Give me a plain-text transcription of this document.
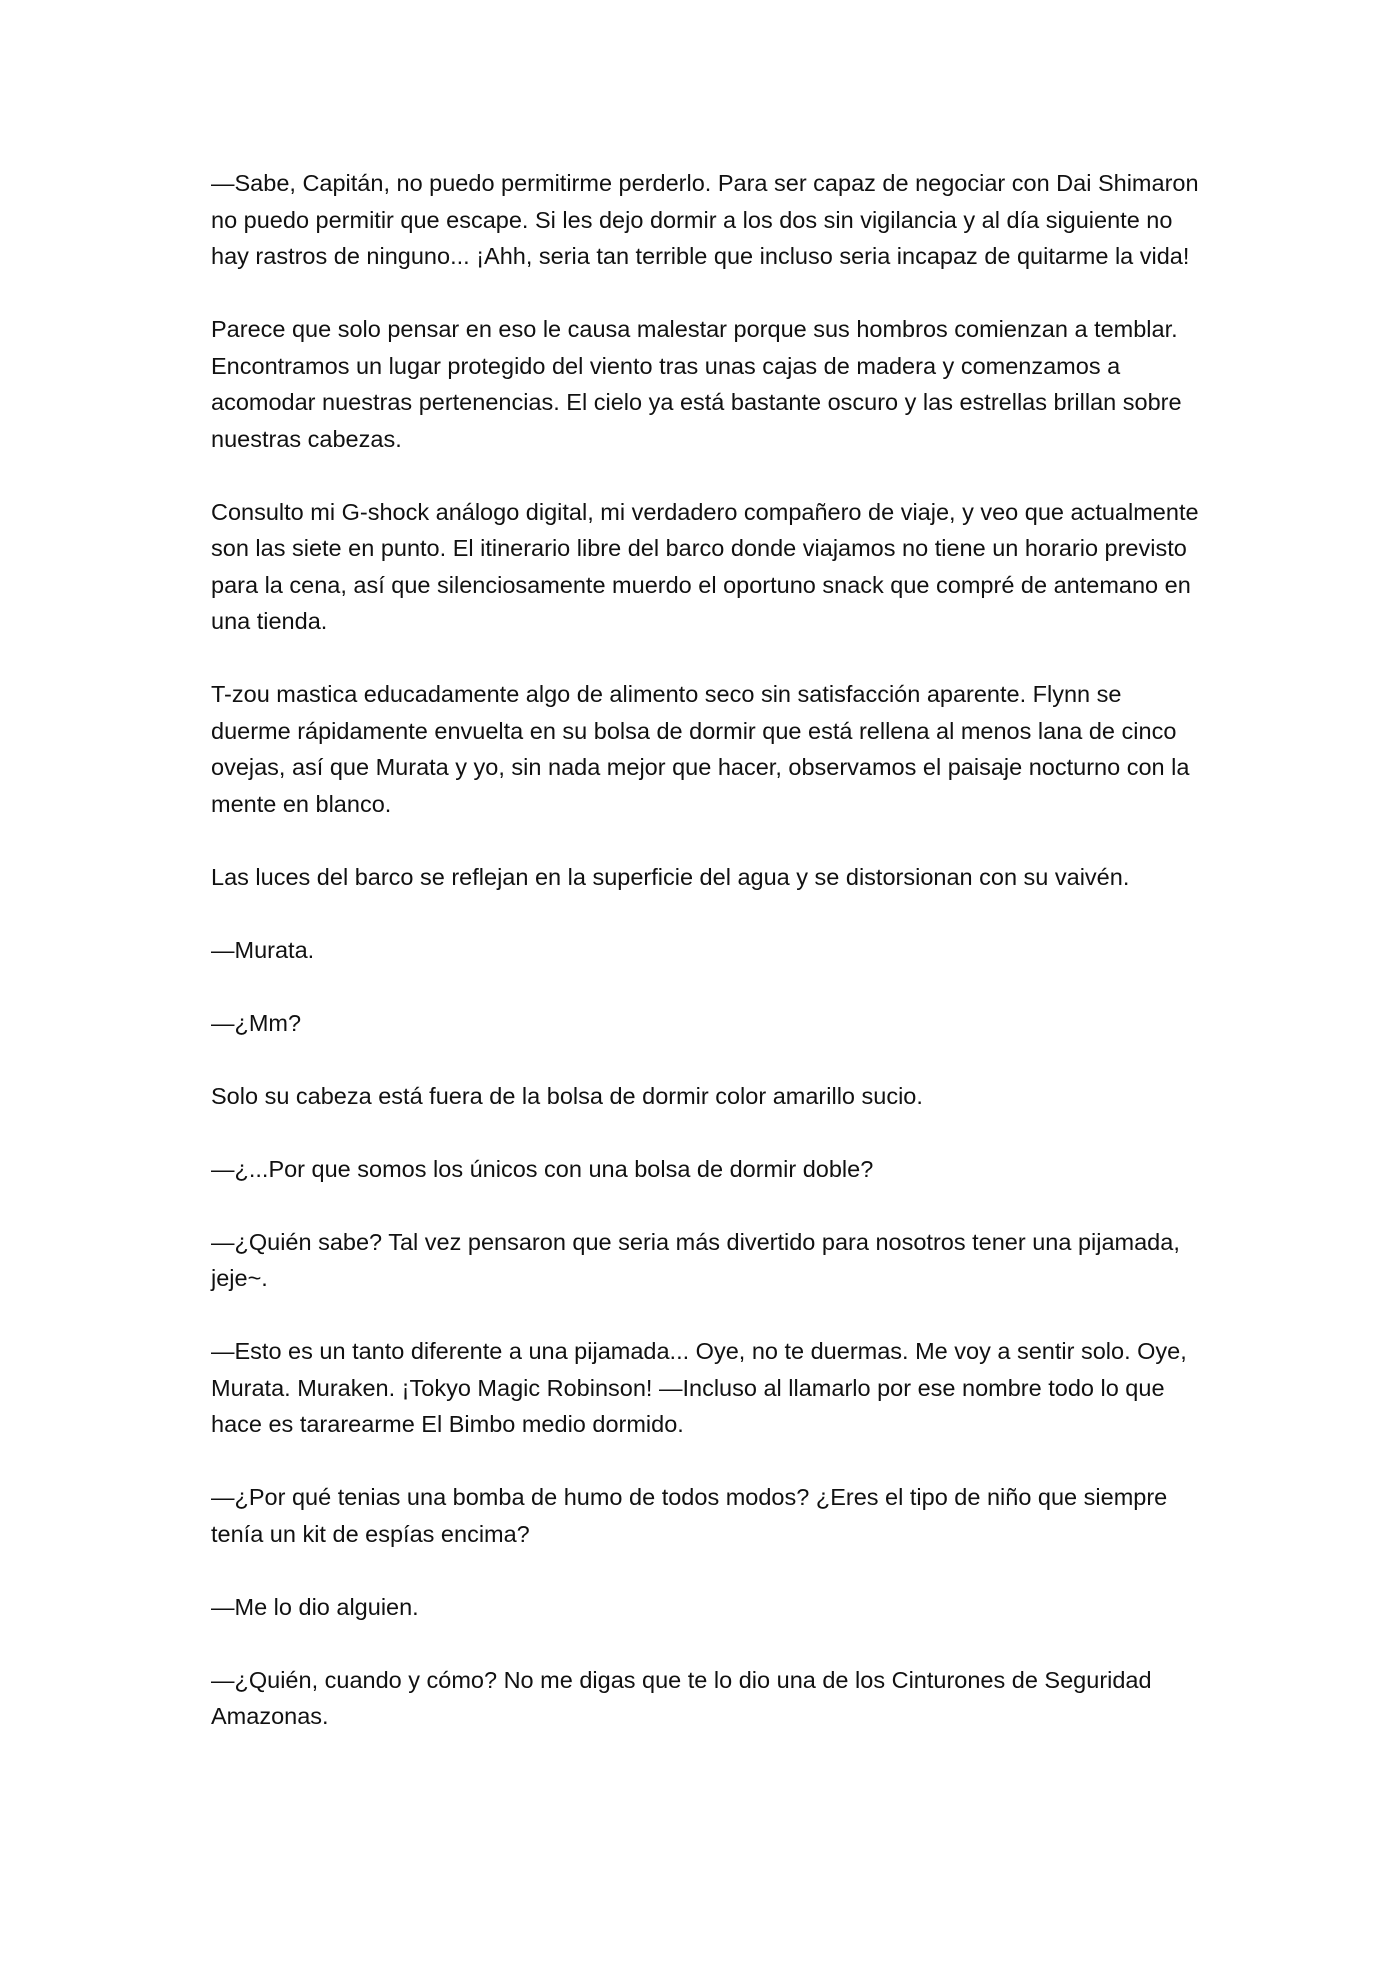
—Sabe, Capitán, no puedo permitirme perderlo. Para ser capaz de negociar con Dai Shimaron no puedo permitir que escape. Si les dejo dormir a los dos sin vigilancia y al día siguiente no hay rastros de ninguno... ¡Ahh, seria tan terrible que incluso seria incapaz de quitarme la vida!

Parece que solo pensar en eso le causa malestar porque sus hombros comienzan a temblar. Encontramos un lugar protegido del viento tras unas cajas de madera y comenzamos a acomodar nuestras pertenencias. El cielo ya está bastante oscuro y las estrellas brillan sobre nuestras cabezas.

Consulto mi G-shock análogo digital, mi verdadero compañero de viaje, y veo que actualmente son las siete en punto. El itinerario libre del barco donde viajamos no tiene un horario previsto para la cena, así que silenciosamente muerdo el oportuno snack que compré de antemano en una tienda.

T-zou mastica educadamente algo de alimento seco sin satisfacción aparente. Flynn se duerme rápidamente envuelta en su bolsa de dormir que está rellena al menos lana de cinco ovejas, así que Murata y yo, sin nada mejor que hacer, observamos el paisaje nocturno con la mente en blanco.

Las luces del barco se reflejan en la superficie del agua y se distorsionan con su vaivén.

—Murata.

—¿Mm?

Solo su cabeza está fuera de la bolsa de dormir color amarillo sucio.

—¿...Por que somos los únicos con una bolsa de dormir doble?

—¿Quién sabe? Tal vez pensaron que seria más divertido para nosotros tener una pijamada, jeje~.

—Esto es un tanto diferente a una pijamada... Oye, no te duermas. Me voy a sentir solo. Oye, Murata. Muraken. ¡Tokyo Magic Robinson! —Incluso al llamarlo por ese nombre todo lo que hace es tararearme El Bimbo medio dormido.

—¿Por qué tenias una bomba de humo de todos modos? ¿Eres el tipo de niño que siempre tenía un kit de espías encima?

—Me lo dio alguien.

—¿Quién, cuando y cómo? No me digas que te lo dio una de los Cinturones de Seguridad Amazonas.
